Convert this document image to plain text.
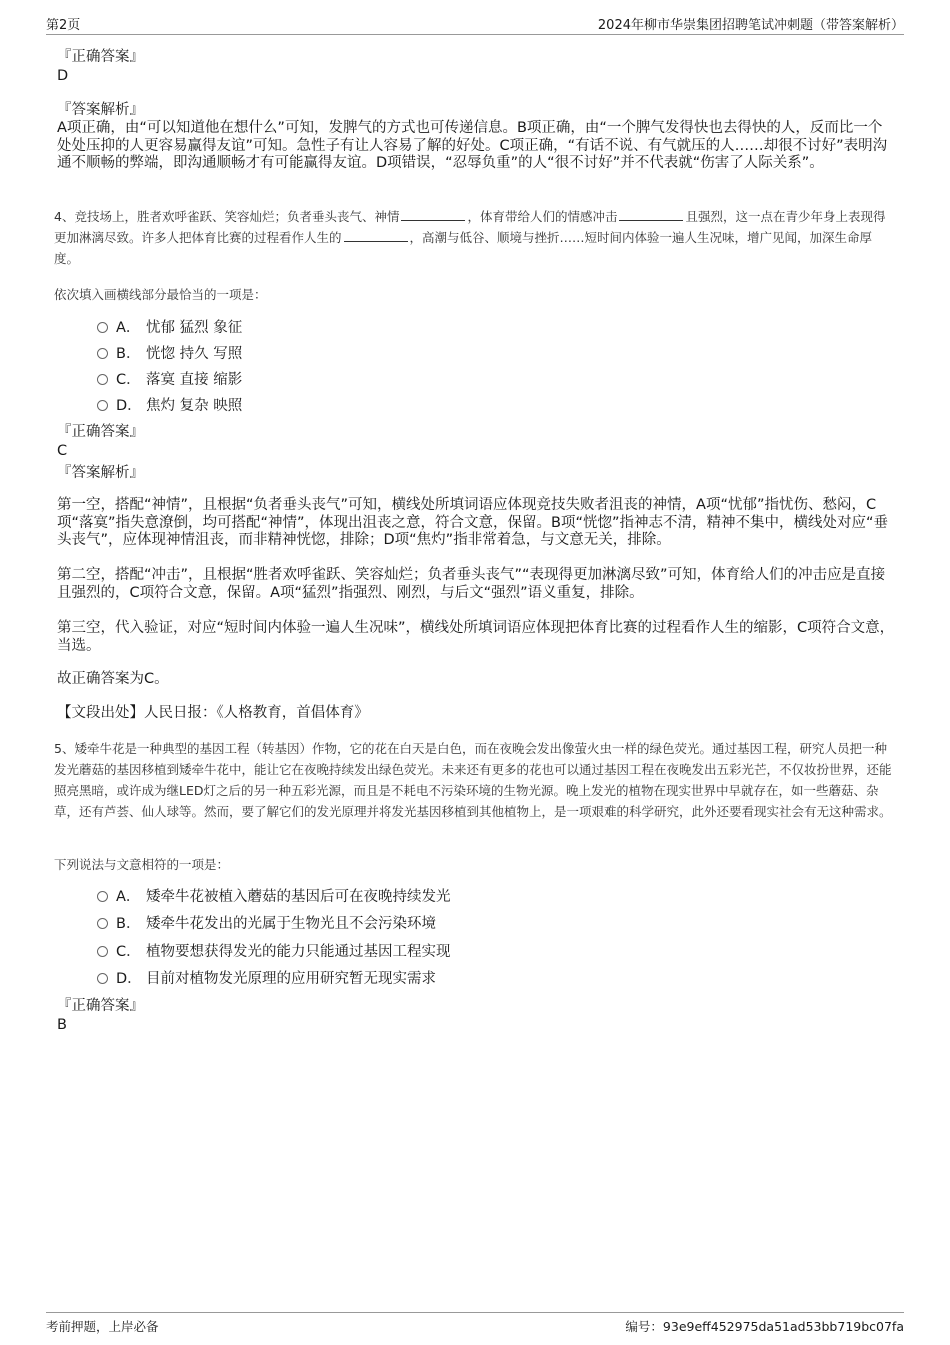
第2页	2024年柳市华崇集团招聘笔试冲刺题（带答案解析）
『正确答案』
D
『答案解析』
A项正确，由“可以知道他在想什么”可知，发脾气的方式也可传递信息。B项正确，由“一个脾气发得快也去得快的人，反而比一个处处压抑的人更容易赢得友谊”可知。急性子有让人容易了解的好处。C项正确，“有话不说、有气就压的人……却很不讨好”表明沟通不顺畅的弊端，即沟通顺畅才有可能赢得友谊。D项错误，“忍辱负重”的人“很不讨好”并不代表就“伤害了人际关系”。
4、竞技场上，胜者欢呼雀跃、笑容灿烂；负者垂头丧气、神情	，体育带给人们的情感冲击	且强烈，这一点在青少年身上表现得更加淋漓尽致。许多人把体育比赛的过程看作人生的	，高潮与低谷、顺境与挫折……短时间内体验一遍人生况味，增广见闻，加深生命厚度。
依次填入画横线部分最恰当的一项是：
A． 忧郁 猛烈 象征
B． 恍惚 持久 写照
C． 落寞 直接 缩影
D． 焦灼 复杂 映照
『正确答案』
C
『答案解析』
第一空，搭配“神情”，且根据“负者垂头丧气”可知，横线处所填词语应体现竞技失败者沮丧的神情，A项“忧郁”指忧伤、愁闷，C项“落寞”指失意潦倒，均可搭配“神情”，体现出沮丧之意，符合文意，保留。B项“恍惚”指神志不清，精神不集中，横线处对应“垂头丧气”，应体现神情沮丧，而非精神恍惚，排除；D项“焦灼”指非常着急，与文意无关，排除。
第二空，搭配“冲击”，且根据“胜者欢呼雀跃、笑容灿烂；负者垂头丧气”“表现得更加淋漓尽致”可知，体育给人们的冲击应是直接且强烈的，C项符合文意，保留。A项“猛烈”指强烈、刚烈，与后文“强烈”语义重复，排除。
第三空，代入验证，对应“短时间内体验一遍人生况味”，横线处所填词语应体现把体育比赛的过程看作人生的缩影，C项符合文意，当选。
故正确答案为C。
【文段出处】人民日报：《人格教育，首倡体育》
5、矮牵牛花是一种典型的基因工程（转基因）作物，它的花在白天是白色，而在夜晚会发出像萤火虫一样的绿色荧光。通过基因工程，研究人员把一种发光蘑菇的基因移植到矮牵牛花中，能让它在夜晚持续发出绿色荧光。未来还有更多的花也可以通过基因工程在夜晚发出五彩光芒，不仅妆扮世界，还能照亮黑暗，或许成为继LED灯之后的另一种五彩光源，而且是不耗电不污染环境的生物光源。晚上发光的植物在现实世界中早就存在，如一些蘑菇、杂草，还有芦荟、仙人球等。然而，要了解它们的发光原理并将发光基因移植到其他植物上，是一项艰难的科学研究，此外还要看现实社会有无这种需求。
下列说法与文意相符的一项是：
A． 矮牵牛花被植入蘑菇的基因后可在夜晚持续发光
B． 矮牵牛花发出的光属于生物光且不会污染环境
C． 植物要想获得发光的能力只能通过基因工程实现
D． 目前对植物发光原理的应用研究暂无现实需求
『正确答案』
B
考前押题，上岸必备	编号：93e9eff452975da51ad53bb719bc07fa
